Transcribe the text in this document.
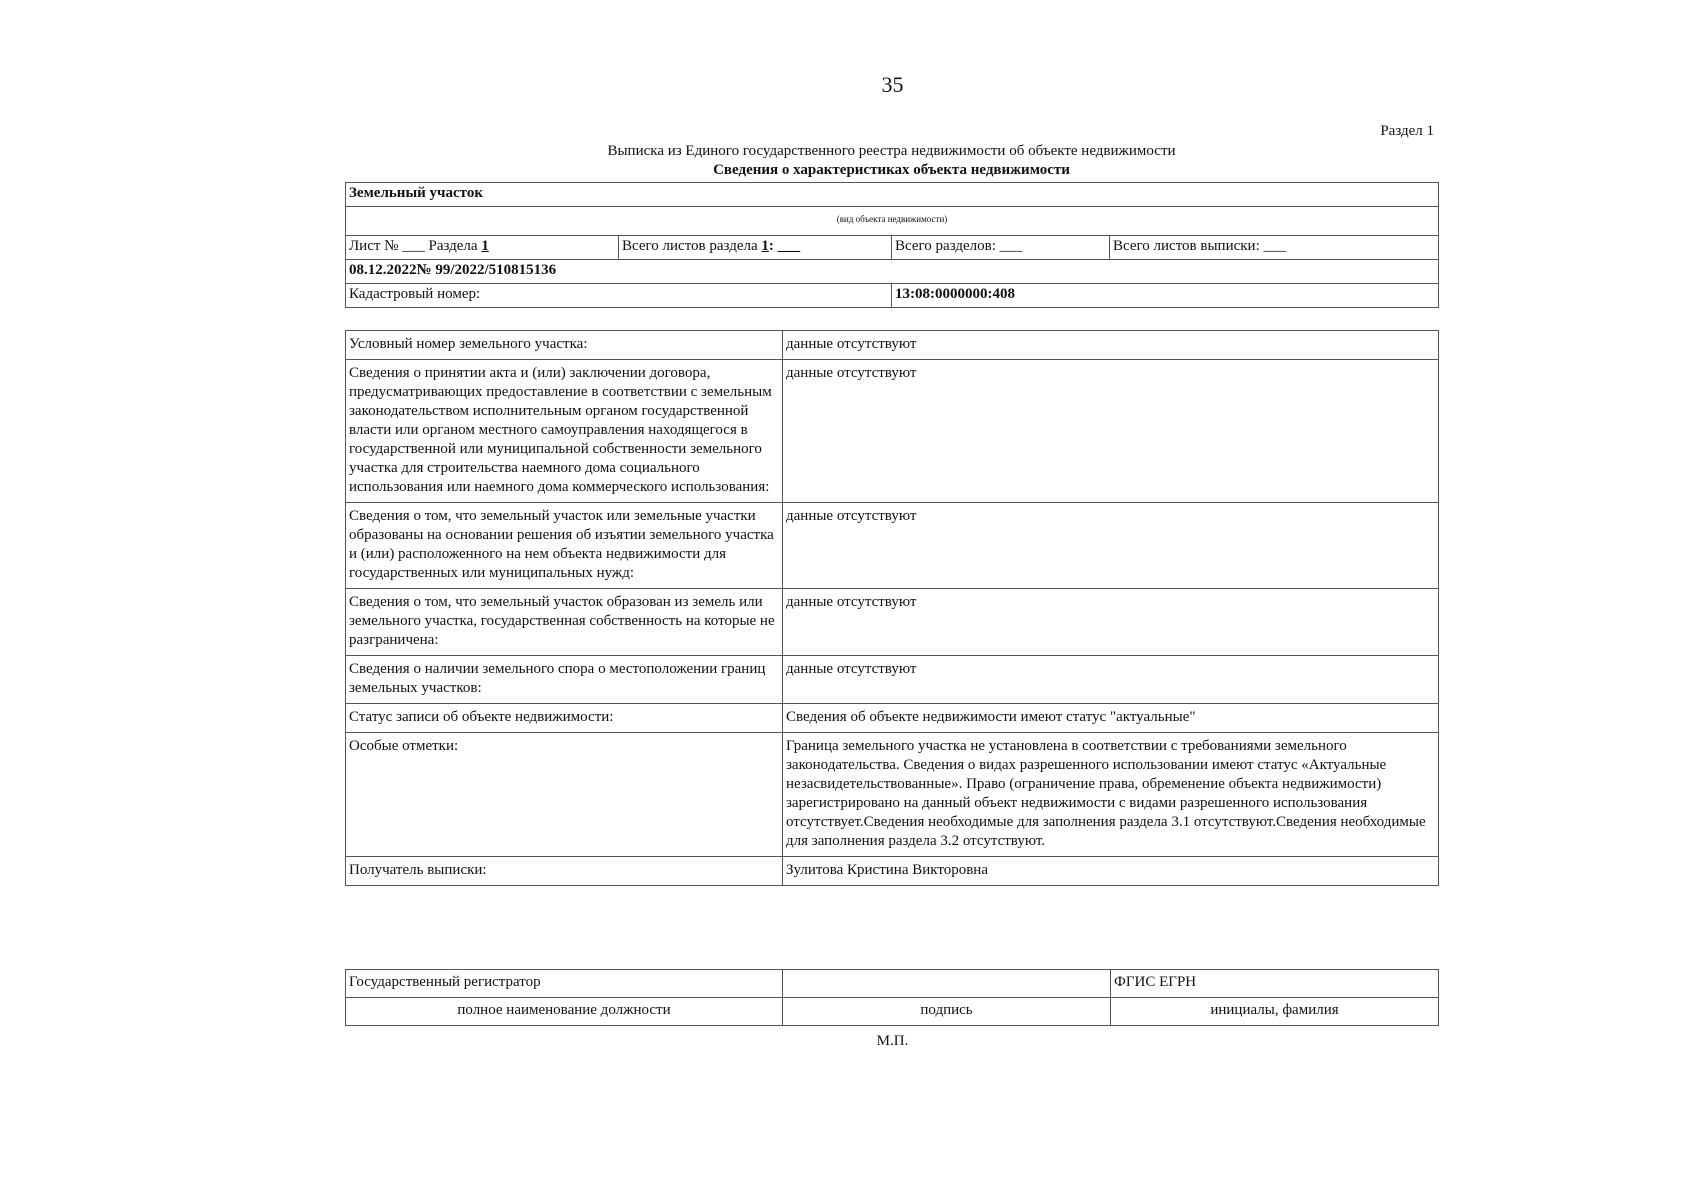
35
Раздел 1
Выписка из Единого государственного реестра недвижимости об объекте недвижимости
Сведения о характеристиках объекта недвижимости
Земельный участок			
(вид объекта недвижимости)			
Лист № ___ Раздела 1	Всего листов раздела 1: ___	Всего разделов: ___	Всего листов выписки: ___
08.12.2022№ 99/2022/510815136			
Кадастровый номер:		13:08:0000000:408	
Условный номер земельного участка:	данные отсутствуют
Сведения о принятии акта и (или) заключении договора, предусматривающих предоставление в соответствии с земельным законодательством исполнительным органом государственной власти или органом местного самоуправления находящегося в государственной или муниципальной собственности земельного участка для строительства наемного дома социального использования или наемного дома коммерческого использования:	данные отсутствуют
Сведения о том, что земельный участок или земельные участки образованы на основании решения об изъятии земельного участка и (или) расположенного на нем объекта недвижимости для государственных или муниципальных нужд:	данные отсутствуют
Сведения о том, что земельный участок образован из земель или земельного участка, государственная собственность на которые не разграничена:	данные отсутствуют
Сведения о наличии земельного спора о местоположении границ земельных участков:	данные отсутствуют
Статус записи об объекте недвижимости:	Сведения об объекте недвижимости имеют статус "актуальные"
Особые отметки:	Граница земельного участка не установлена в соответствии с требованиями земельного законодательства. Сведения о видах разрешенного использовании имеют статус «Актуальные незасвидетельствованные». Право (ограничение права, обременение объекта недвижимости) зарегистрировано на данный объект недвижимости с видами разрешенного использования отсутствует.Сведения необходимые для заполнения раздела 3.1 отсутствуют.Сведения необходимые для заполнения раздела 3.2 отсутствуют.
Получатель выписки:	Зулитова Кристина Викторовна
Государственный регистратор		ФГИС ЕГРН
полное наименование должности	подпись	инициалы, фамилия
М.П.
